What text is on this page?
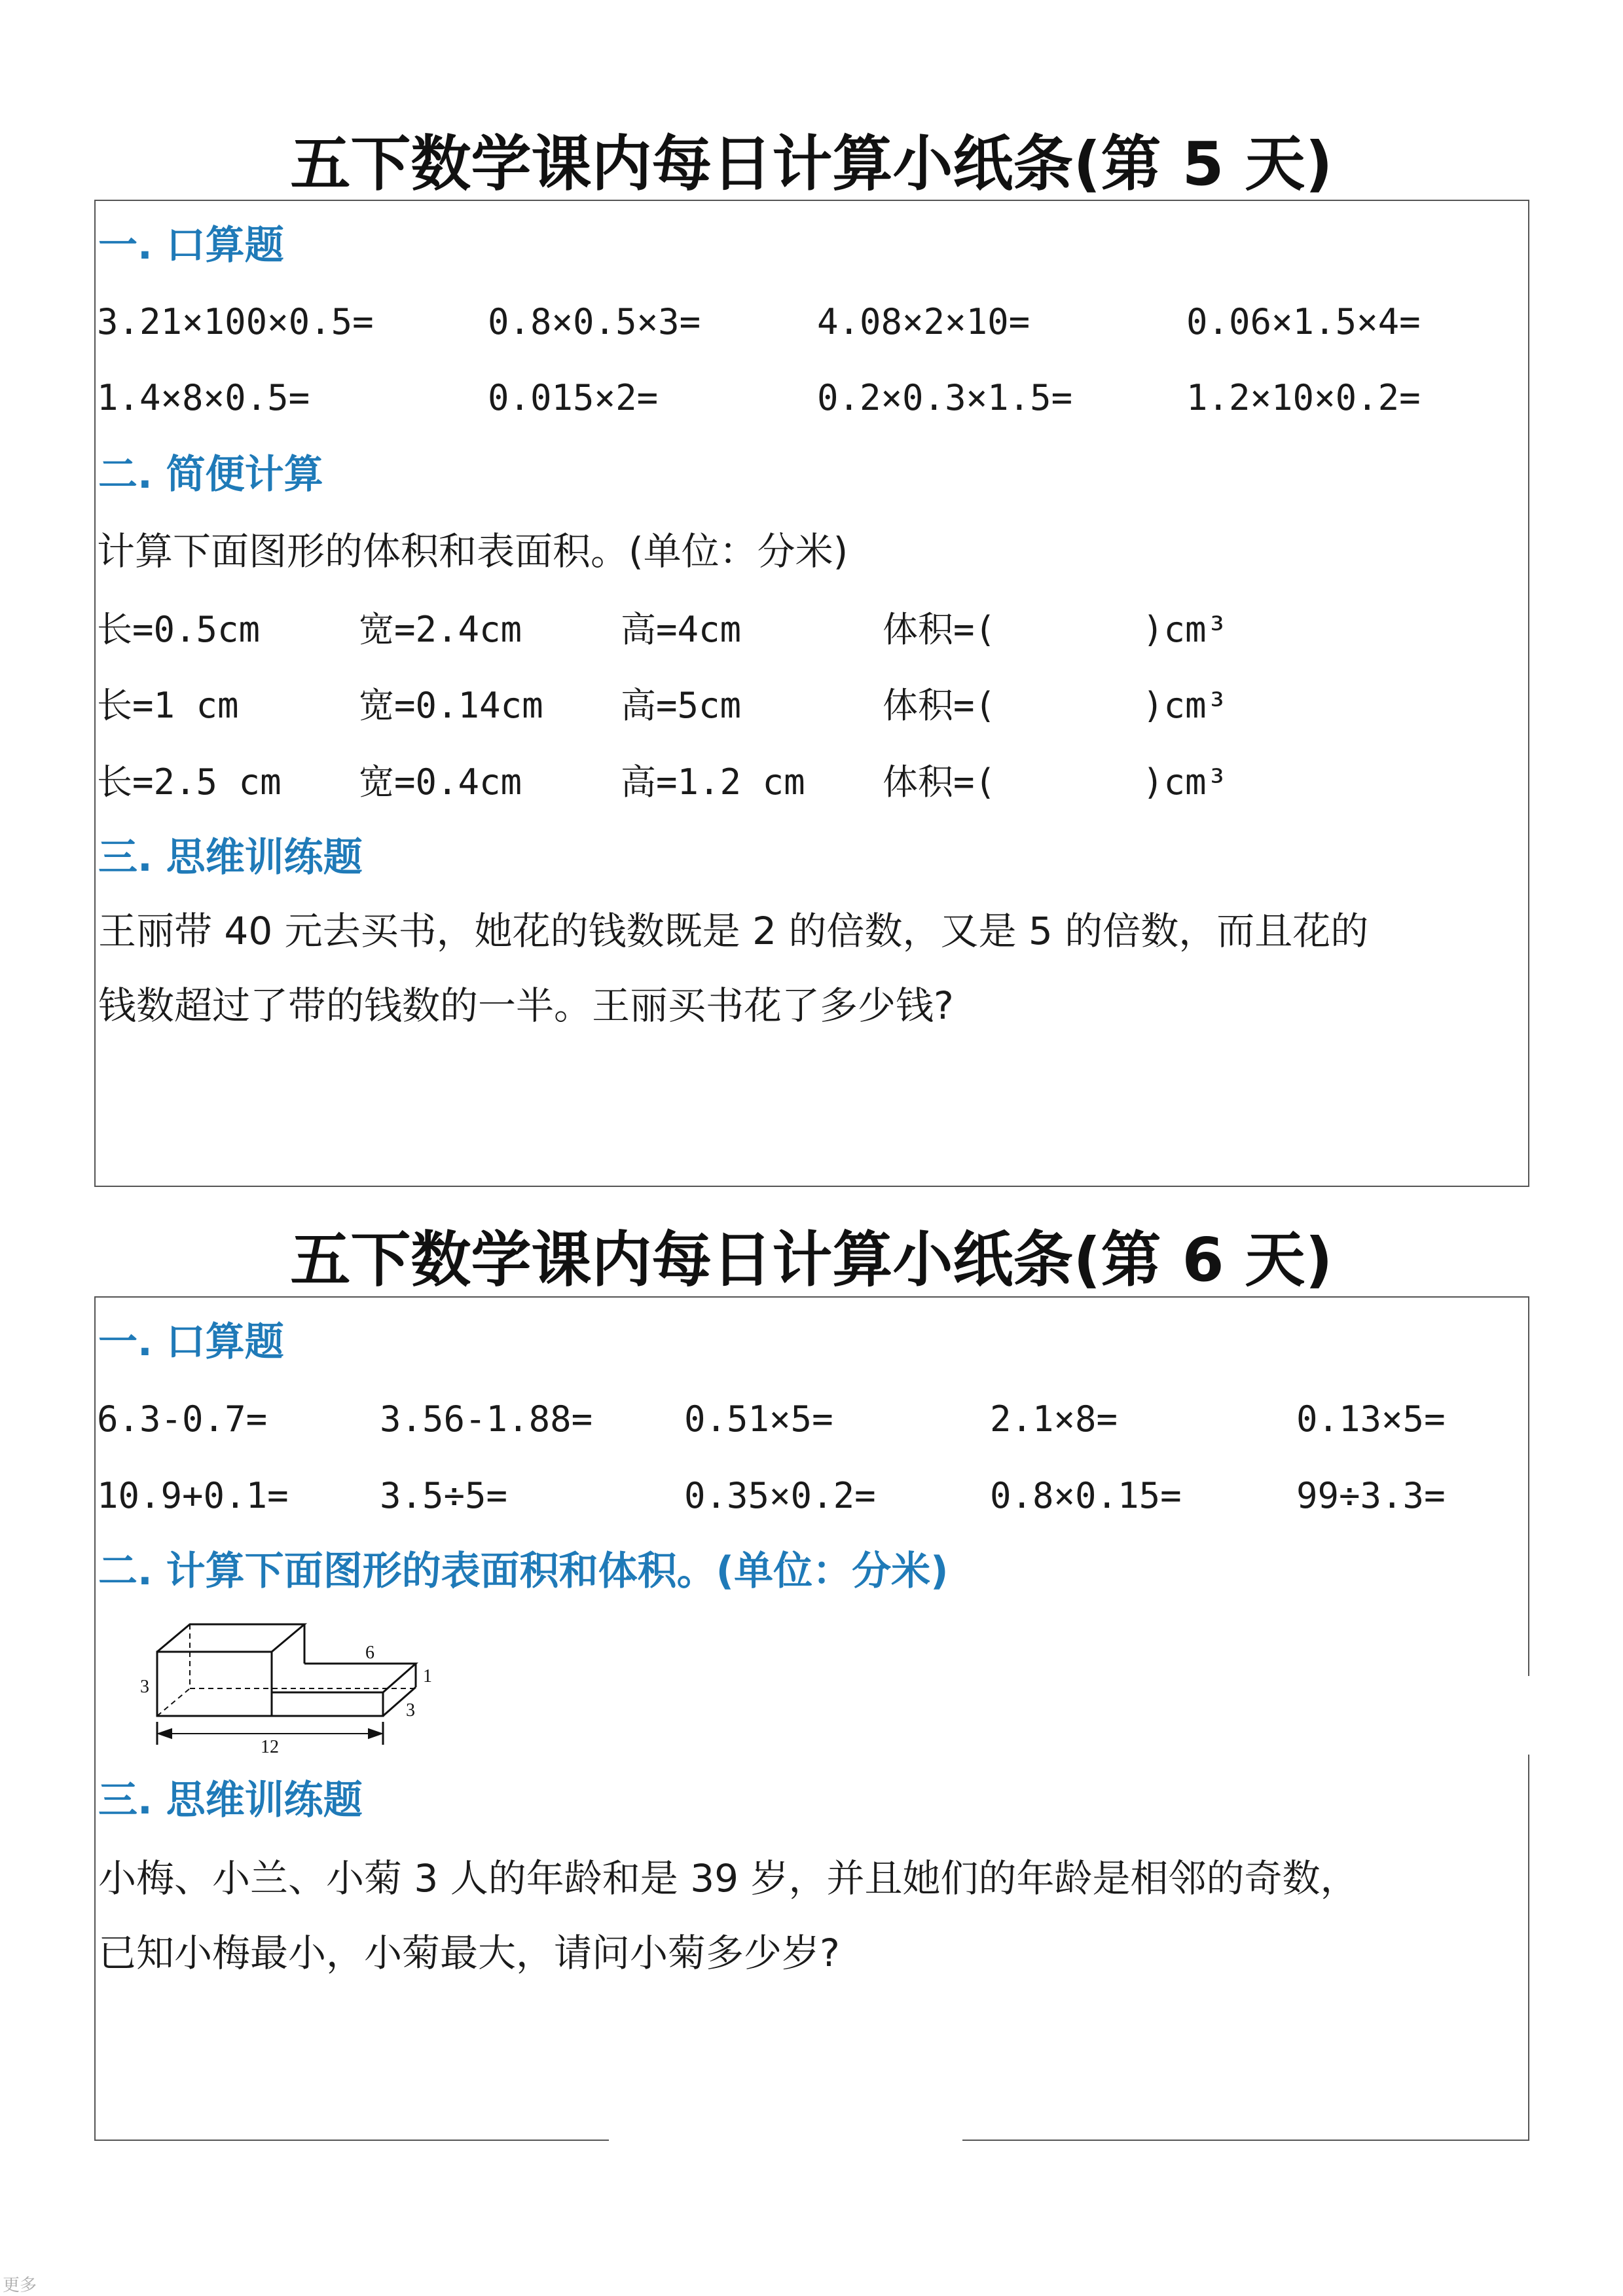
五下数学课内每日计算小纸条(第 5 天)
一. 口算题
3.21×100×0.5=	0.8×0.5×3=	4.08×2×10=	0.06×1.5×4=
1.4×8×0.5=	0.015×2=	0.2×0.3×1.5=	1.2×10×0.2=
二. 简便计算
计算下面图形的体积和表面积。(单位：分米)
长=0.5cm	宽=2.4cm	高=4cm	体积=(	)cm³
长=1 cm	宽=0.14cm 高=5cm	体积=(	)cm³
长=2.5 cm 宽=0.4cm	高=1.2 cm 体积=(	)cm³
三. 思维训练题
王丽带 40 元去买书，她花的钱数既是 2 的倍数，又是 5 的倍数，而且花的
钱数超过了带的钱数的一半。王丽买书花了多少钱?
五下数学课内每日计算小纸条(第 6 天)
一. 口算题
6.3-0.7=	3.56-1.88=	0.51×5=	2.1×8=	0.13×5=
10.9+0.1=	3.5÷5=	0.35×0.2=	0.8×0.15=	99÷3.3=
二. 计算下面图形的表面积和体积。(单位：分米)
3
6
1
3
12
三. 思维训练题
小梅、小兰、小菊 3 人的年龄和是 39 岁，并且她们的年龄是相邻的奇数，
已知小梅最小，小菊最大，请问小菊多少岁?
更多
